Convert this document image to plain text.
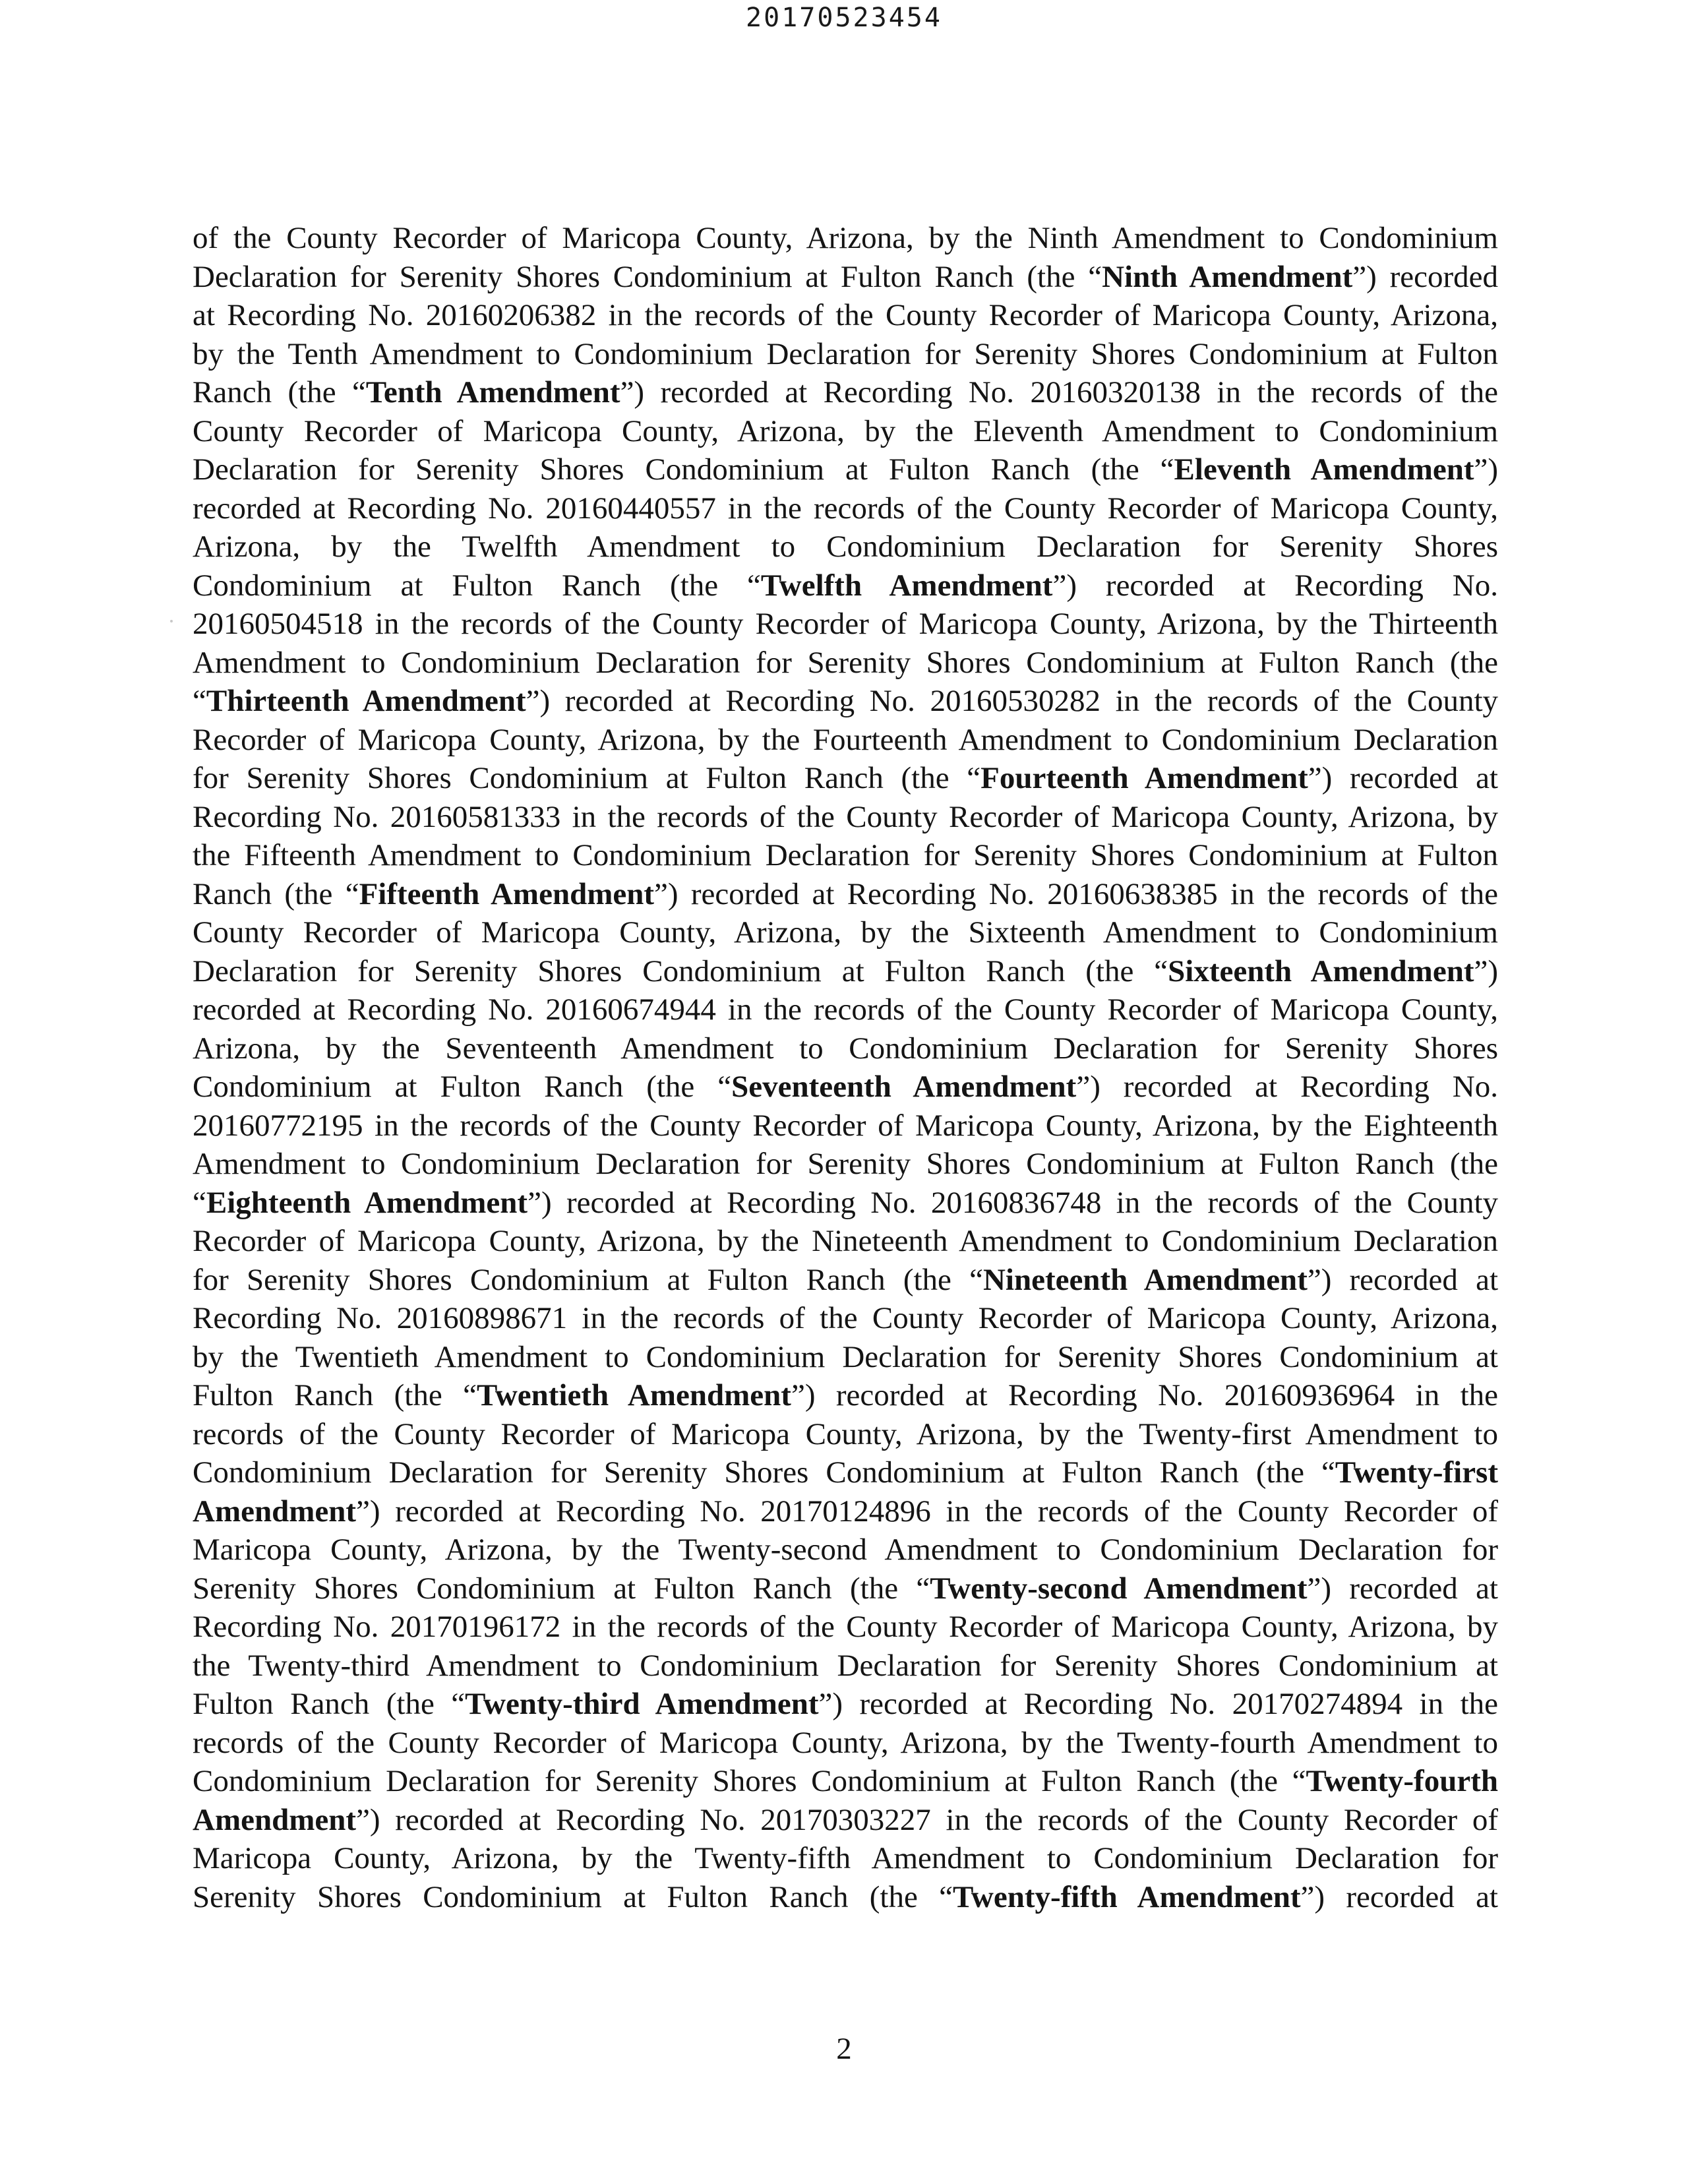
20170523454
of the County Recorder of Maricopa County, Arizona, by the Ninth Amendment to Condominium
Declaration for Serenity Shores Condominium at Fulton Ranch (the “Ninth Amendment”) recorded
at Recording No. 20160206382 in the records of the County Recorder of Maricopa County, Arizona,
by the Tenth Amendment to Condominium Declaration for Serenity Shores Condominium at Fulton
Ranch (the “Tenth Amendment”) recorded at Recording No. 20160320138 in the records of the
County Recorder of Maricopa County, Arizona, by the Eleventh Amendment to Condominium
Declaration for Serenity Shores Condominium at Fulton Ranch (the “Eleventh Amendment”)
recorded at Recording No. 20160440557 in the records of the County Recorder of Maricopa County,
Arizona, by the Twelfth Amendment to Condominium Declaration for Serenity Shores
Condominium at Fulton Ranch (the “Twelfth Amendment”) recorded at Recording No.
20160504518 in the records of the County Recorder of Maricopa County, Arizona, by the Thirteenth
Amendment to Condominium Declaration for Serenity Shores Condominium at Fulton Ranch (the
“Thirteenth Amendment”) recorded at Recording No. 20160530282 in the records of the County
Recorder of Maricopa County, Arizona, by the Fourteenth Amendment to Condominium Declaration
for Serenity Shores Condominium at Fulton Ranch (the “Fourteenth Amendment”) recorded at
Recording No. 20160581333 in the records of the County Recorder of Maricopa County, Arizona, by
the Fifteenth Amendment to Condominium Declaration for Serenity Shores Condominium at Fulton
Ranch (the “Fifteenth Amendment”) recorded at Recording No. 20160638385 in the records of the
County Recorder of Maricopa County, Arizona, by the Sixteenth Amendment to Condominium
Declaration for Serenity Shores Condominium at Fulton Ranch (the “Sixteenth Amendment”)
recorded at Recording No. 20160674944 in the records of the County Recorder of Maricopa County,
Arizona, by the Seventeenth Amendment to Condominium Declaration for Serenity Shores
Condominium at Fulton Ranch (the “Seventeenth Amendment”) recorded at Recording No.
20160772195 in the records of the County Recorder of Maricopa County, Arizona, by the Eighteenth
Amendment to Condominium Declaration for Serenity Shores Condominium at Fulton Ranch (the
“Eighteenth Amendment”) recorded at Recording No. 20160836748 in the records of the County
Recorder of Maricopa County, Arizona, by the Nineteenth Amendment to Condominium Declaration
for Serenity Shores Condominium at Fulton Ranch (the “Nineteenth Amendment”) recorded at
Recording No. 20160898671 in the records of the County Recorder of Maricopa County, Arizona,
by the Twentieth Amendment to Condominium Declaration for Serenity Shores Condominium at
Fulton Ranch (the “Twentieth Amendment”) recorded at Recording No. 20160936964 in the
records of the County Recorder of Maricopa County, Arizona, by the Twenty-first Amendment to
Condominium Declaration for Serenity Shores Condominium at Fulton Ranch (the “Twenty-first
Amendment”) recorded at Recording No. 20170124896 in the records of the County Recorder of
Maricopa County, Arizona, by the Twenty-second Amendment to Condominium Declaration for
Serenity Shores Condominium at Fulton Ranch (the “Twenty-second Amendment”) recorded at
Recording No. 20170196172 in the records of the County Recorder of Maricopa County, Arizona, by
the Twenty-third Amendment to Condominium Declaration for Serenity Shores Condominium at
Fulton Ranch (the “Twenty-third Amendment”) recorded at Recording No. 20170274894 in the
records of the County Recorder of Maricopa County, Arizona, by the Twenty-fourth Amendment to
Condominium Declaration for Serenity Shores Condominium at Fulton Ranch (the “Twenty-fourth
Amendment”) recorded at Recording No. 20170303227 in the records of the County Recorder of
Maricopa County, Arizona, by the Twenty-fifth Amendment to Condominium Declaration for
Serenity Shores Condominium at Fulton Ranch (the “Twenty-fifth Amendment”) recorded at
2
